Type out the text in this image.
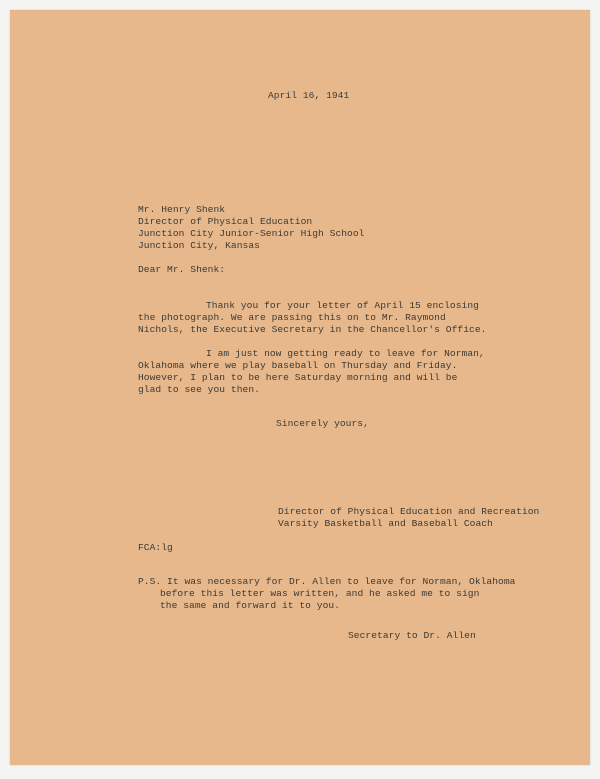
April 16, 1941
Mr. Henry Shenk
Director of Physical Education
Junction City Junior-Senior High School
Junction City, Kansas
Dear Mr. Shenk:
Thank you for your letter of April 15 enclosing
the photograph. We are passing this on to Mr. Raymond
Nichols, the Executive Secretary in the Chancellor's Office.
I am just now getting ready to leave for Norman,
Oklahoma where we play baseball on Thursday and Friday.
However, I plan to be here Saturday morning and will be
glad to see you then.
Sincerely yours,
Director of Physical Education and Recreation
Varsity Basketball and Baseball Coach
FCA:lg
P.S. It was necessary for Dr. Allen to leave for Norman, Oklahoma
before this letter was written, and he asked me to sign
the same and forward it to you.
Secretary to Dr. Allen
